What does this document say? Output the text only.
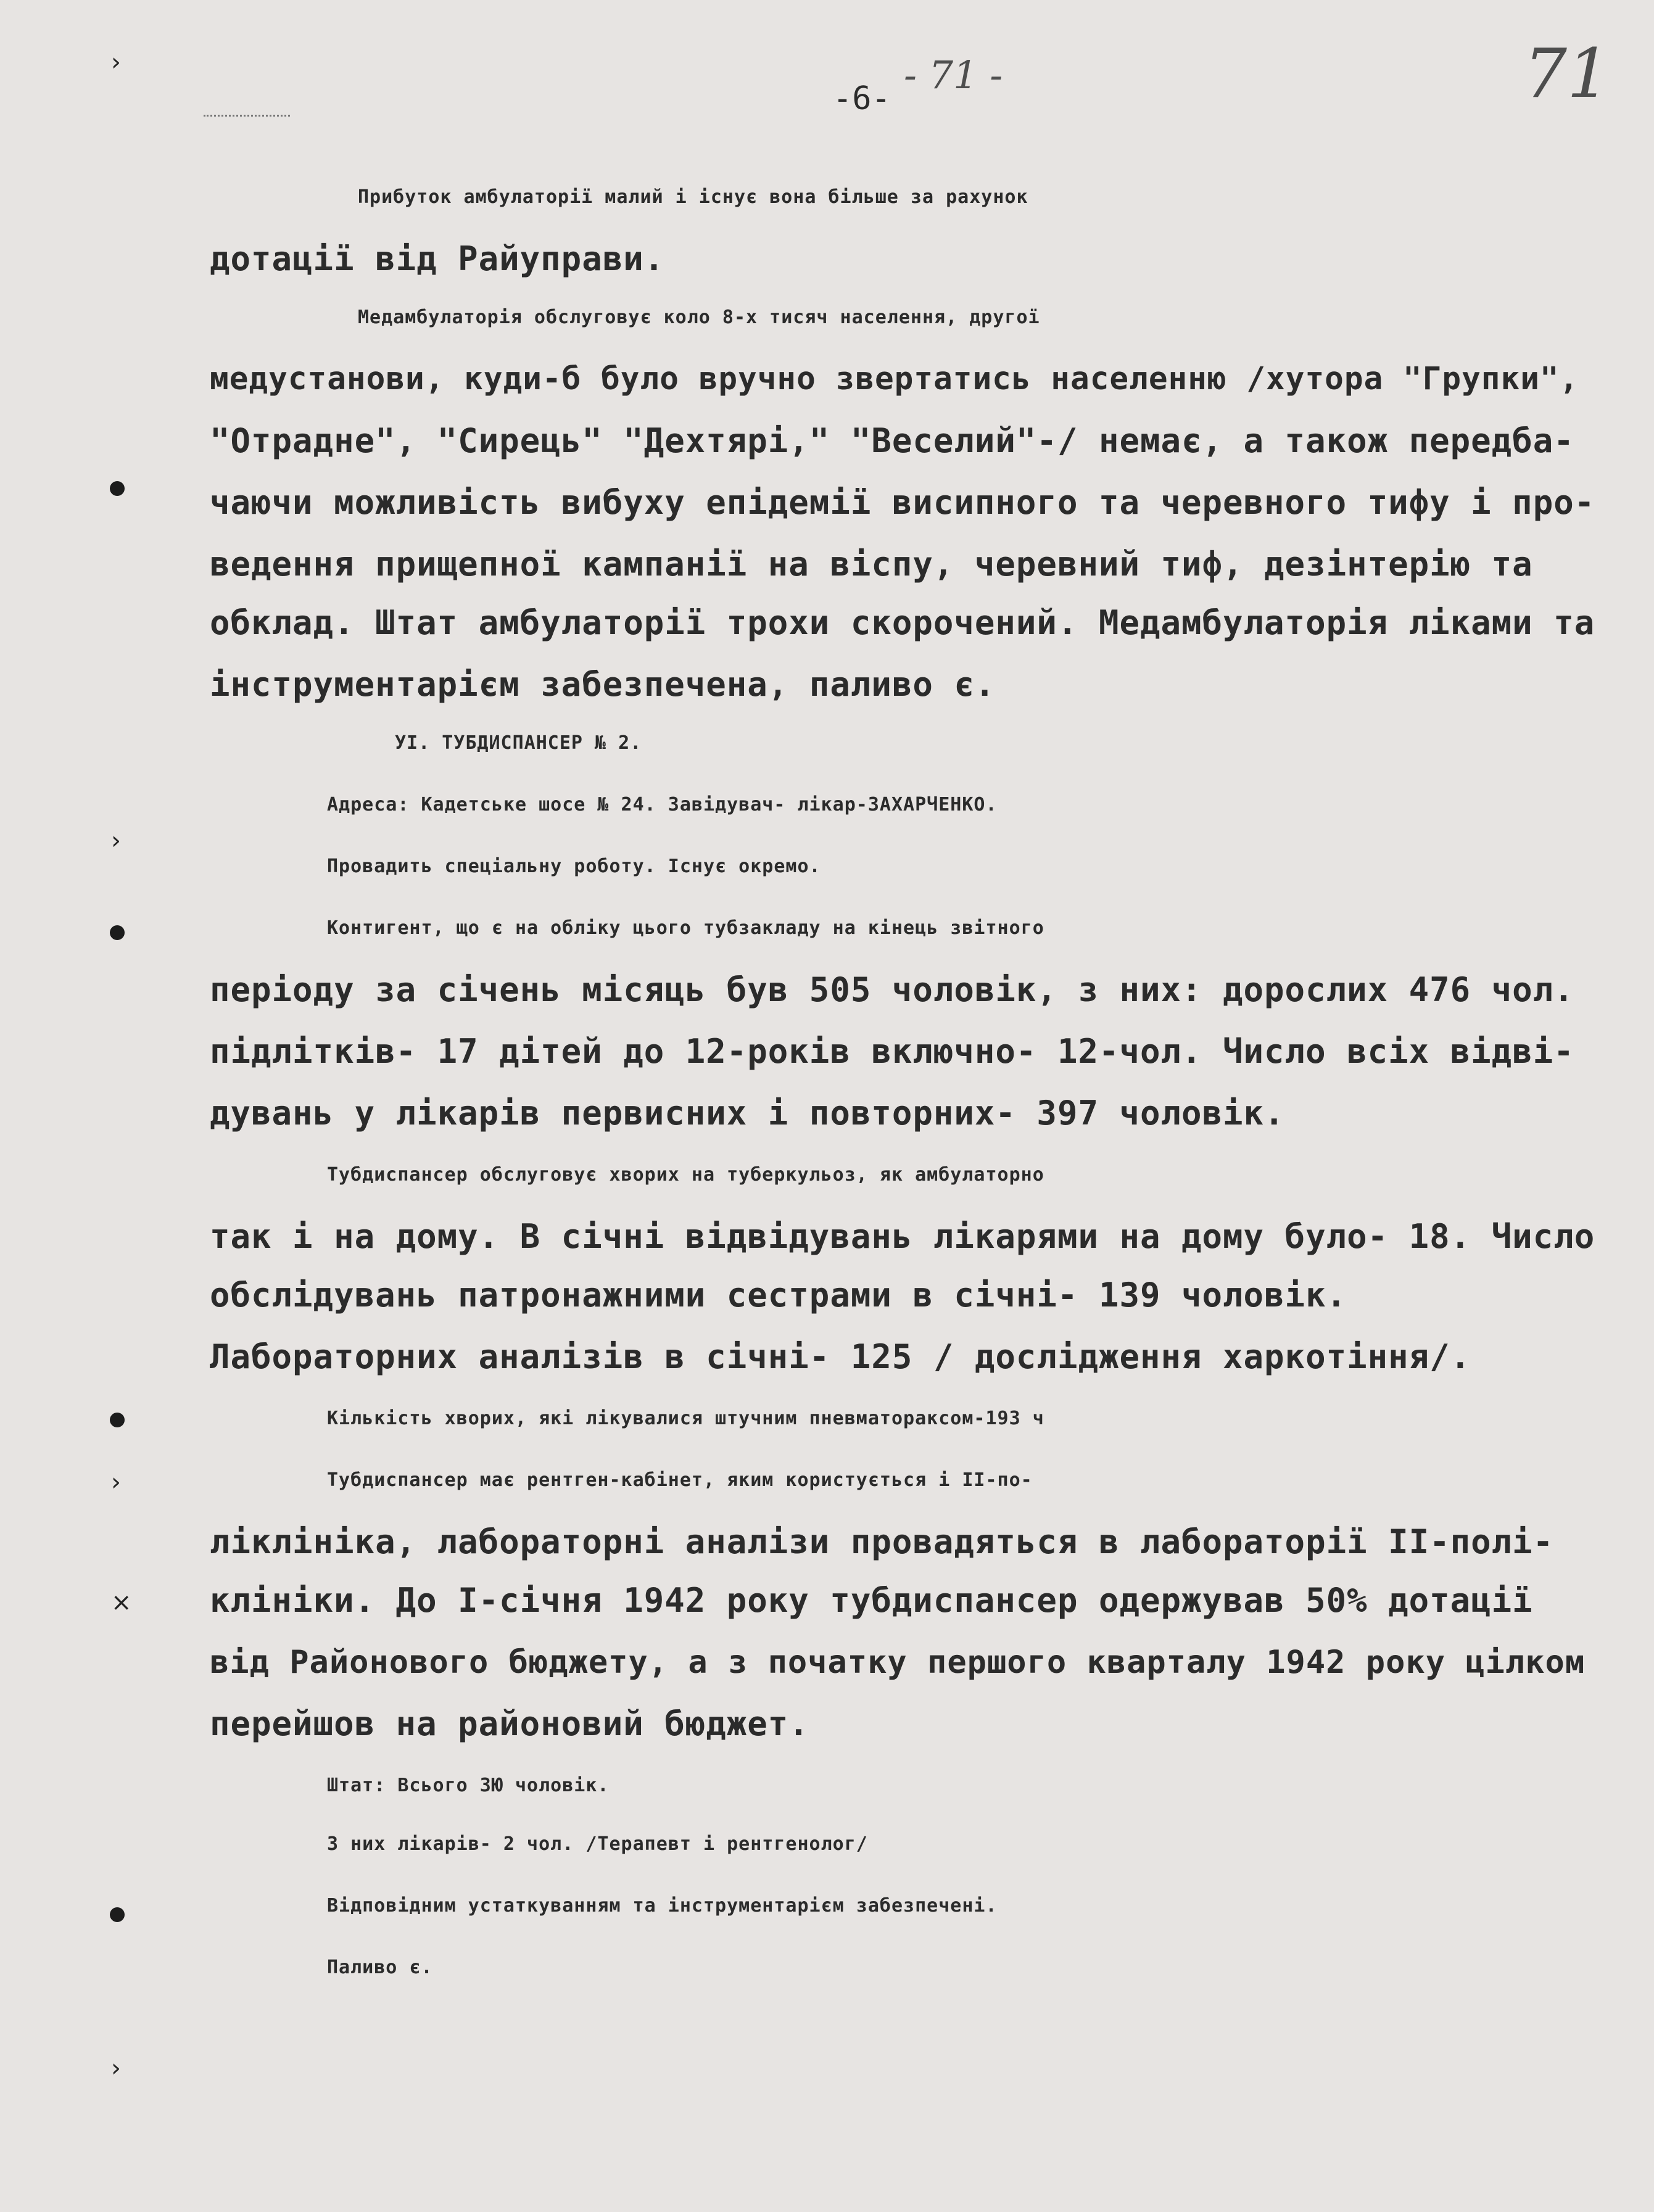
71
- 71 -
-6-
›
›
›
×
›
Прибуток амбулаторії малий і існує вона більше за рахунок
дотації від Райуправи.
Медамбулаторія обслуговує коло 8-х тисяч населення, другої
медустанови, куди-б було вручно звертатись населенню /хутора "Групки",
"Отрадне", "Сирець" "Дехтярі," "Веселий"-/ немає, а також передба-
чаючи можливість вибуху епідемії висипного та черевного тифу і про-
ведення прищепної кампанії на віспу, черевний тиф, дезінтерію та
обклад. Штат амбулаторії трохи скорочений. Медамбулаторія ліками та
інструментарієм забезпечена, паливо є.
УІ. ТУБДИСПАНСЕР № 2.
Адреса: Кадетське шосе № 24. Завідувач- лікар-ЗАХАРЧЕНКО.
Провадить спеціальну роботу. Існує окремо.
Контигент, що є на обліку цього тубзакладу на кінець звітного
періоду за січень місяць був 505 чоловік, з них: дорослих 476 чол.
підлітків- 17 дітей до 12-років включно- 12-чол. Число всіх відві-
дувань у лікарів первисних і повторних- 397 чоловік.
Тубдиспансер обслуговує хворих на туберкульоз, як амбулаторно
так і на дому. В січні відвідувань лікарями на дому було- 18. Число
обслідувань патронажними сестрами в січні- 139 чоловік.
Лабораторних аналізів в січні- 125 / дослідження харкотіння/.
Кількість хворих, які лікувалися штучним пневматораксом-193 ч
Тубдиспансер має рентген-кабінет, яким користується і II-по-
ліклініка, лабораторні аналізи провадяться в лабораторії II-полі-
клініки. До I-січня 1942 року тубдиспансер одержував 50% дотації
від Районового бюджету, а з початку першого кварталу 1942 року цілком
перейшов на районовий бюджет.
Штат: Всього 3Ю чоловік.
З них лікарів- 2 чол. /Терапевт і рентгенолог/
Відповідним устаткуванням та інструментарієм забезпечені.
Паливо є.
